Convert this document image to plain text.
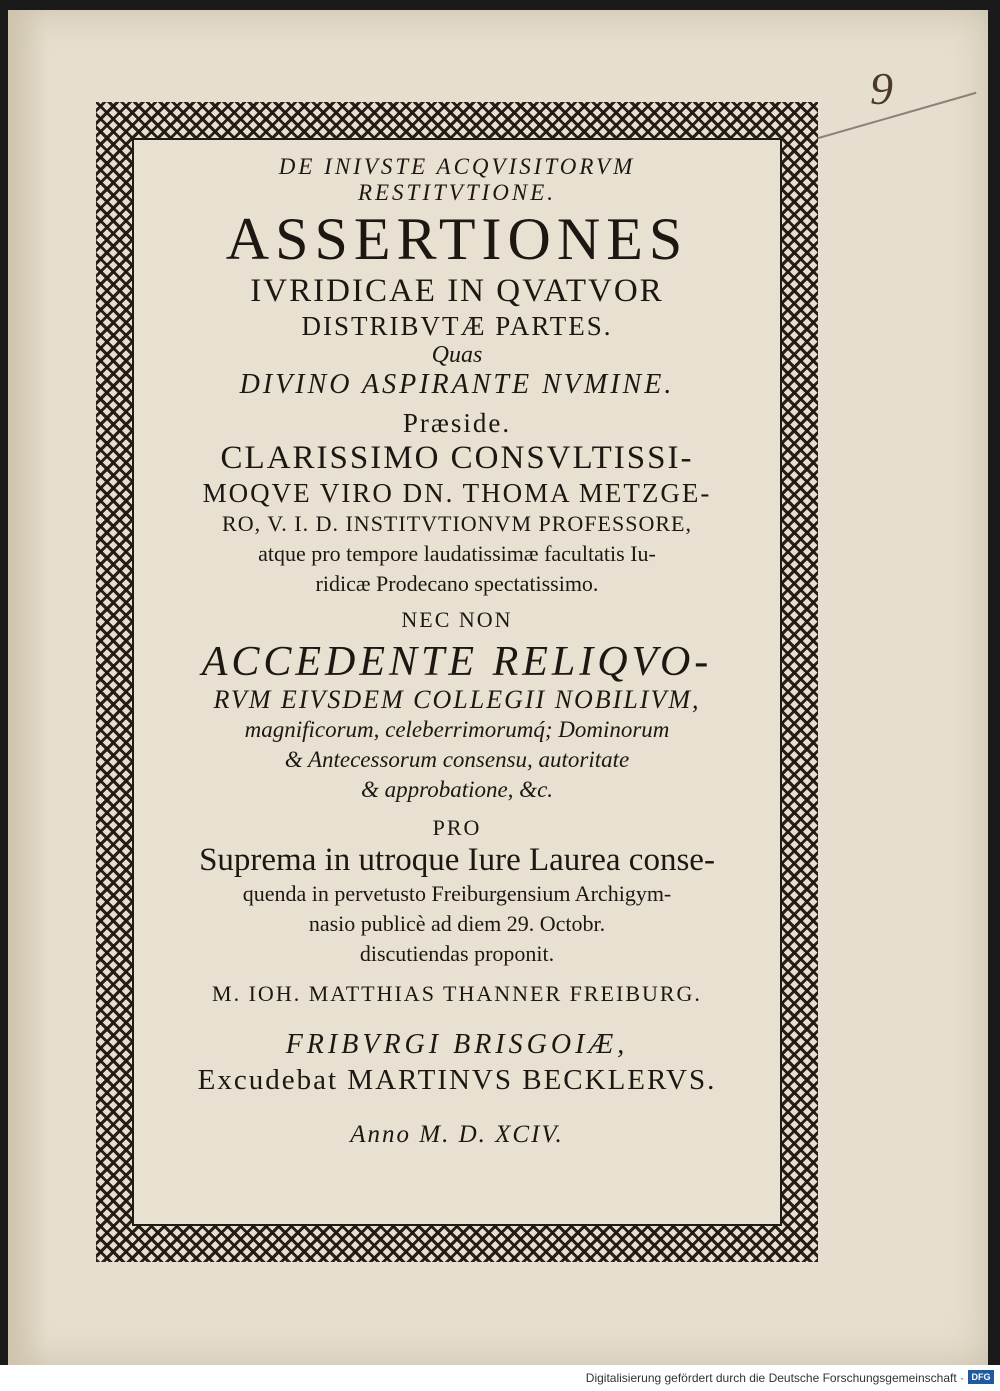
9
DE INIVSTE ACQVISITORVM
RESTITVTIONE.
ASSERTIONES
IVRIDICAE IN QVATVOR
DISTRIBVTÆ PARTES.
Quas
DIVINO ASPIRANTE NVMINE.
Præside.
CLARISSIMO CONSVLTISSI-
MOQVE VIRO DN. THOMA METZGE-
RO, V. I. D. INSTITVTIONVM PROFESSORE,
atque pro tempore laudatissimæ facultatis Iu-
ridicæ Prodecano spectatissimo.
NEC NON
ACCEDENTE RELIQVO-
RVM EIVSDEM COLLEGII NOBILIVM,
magnificorum, celeberrimorumq́; Dominorum
& Antecessorum consensu, autoritate
& approbatione, &c.
PRO
Suprema in utroque Iure Laurea conse-
quenda in pervetusto Freiburgensium Archigym-
nasio publicè ad diem 29. Octobr.
discutiendas proponit.
M. IOH. MATTHIAS THANNER FREIBURG.
FRIBVRGI BRISGOIÆ,
Excudebat MARTINVS BECKLERVS.
Anno M. D. XCIV.
Digitalisierung gefördert durch die Deutsche Forschungsgemeinschaft · DFG
